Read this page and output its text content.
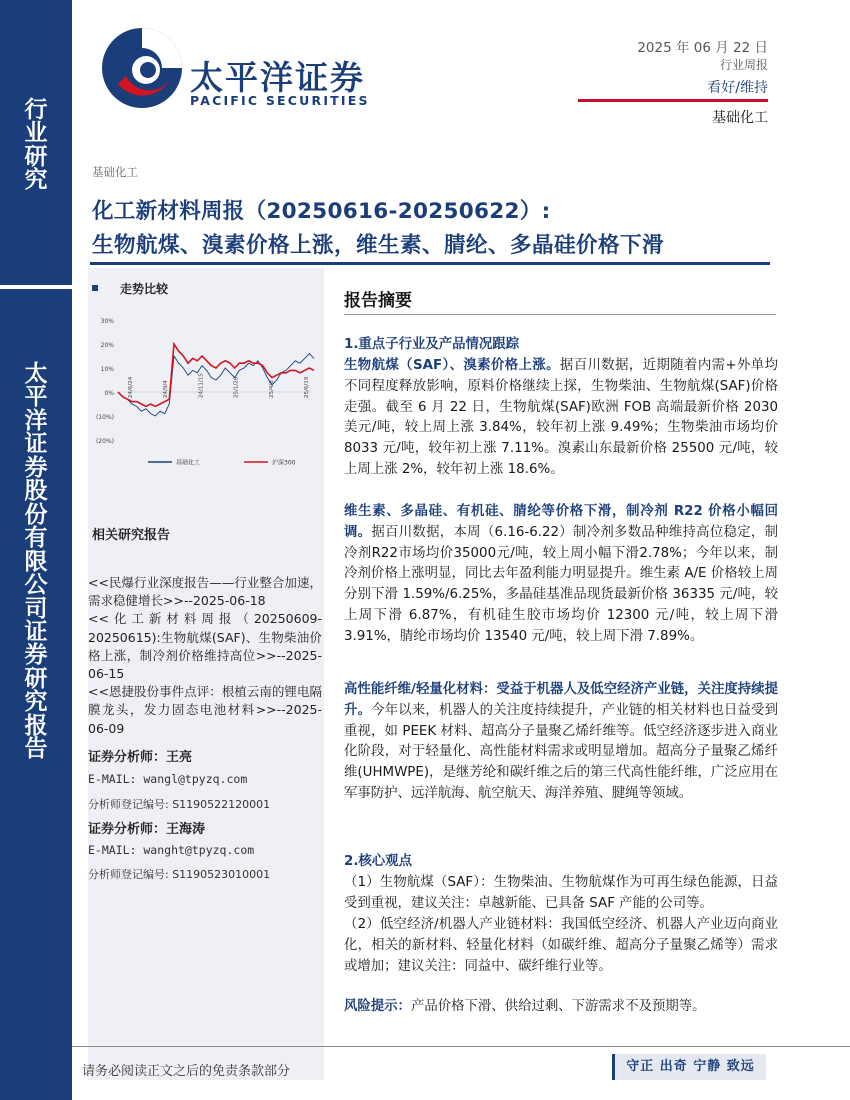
行
业
研
究
太
平
洋
证
券
股
份
有
限
公
司
证
券
研
究
报
告
太平洋证券
PACIFIC SECURITIES
2025 年 06 月 22 日
行业周报
看好/维持
基础化工
基础化工
化工新材料周报（20250616-20250622）:
生物航煤、溴素价格上涨，维生素、腈纶、多晶硅价格下滑
走势比较
30%
20%
10%
0%
(10%)
(20%)
24/6/24	24/9/4	24/11/15	25/1/26	25/4/8	25/6/19
基础化工	沪深300
相关研究报告

<<民爆行业深度报告——行业整合加速，需求稳健增长>>--2025-06-18

<<化工新材料周报（20250609-20250615):生物航煤(SAF)、生物柴油价格上涨，制冷剂价格维持高位>>--2025-06-15

<<恩捷股份事件点评：根植云南的锂电隔膜龙头，发力固态电池材料>>--2025-06-09

证券分析师：王亮
E-MAIL: wangl@tpyzq.com
分析师登记编号: S1190522120001
证券分析师：王海涛
E-MAIL: wanght@tpyzq.com
分析师登记编号: S1190523010001
报告摘要
1.重点子行业及产品情况跟踪
生物航煤（SAF）、溴素价格上涨。据百川数据，近期随着内需+外单均不同程度释放影响，原料价格继续上探，生物柴油、生物航煤(SAF)价格走强。截至 6 月 22 日，生物航煤(SAF)欧洲 FOB 高端最新价格 2030 美元/吨，较上周上涨 3.84%，较年初上涨 9.49%；生物柴油市场均价 8033 元/吨，较年初上涨 7.11%。溴素山东最新价格 25500 元/吨，较上周上涨 2%，较年初上涨 18.6%。
维生素、多晶硅、有机硅、腈纶等价格下滑，制冷剂 R22 价格小幅回调。据百川数据，本周（6.16-6.22）制冷剂多数品种维持高位稳定，制冷剂R22市场均价35000元/吨，较上周小幅下滑2.78%；今年以来，制冷剂价格上涨明显，同比去年盈利能力明显提升。维生素 A/E 价格较上周分别下滑 1.59%/6.25%，多晶硅基准品现货最新价格 36335 元/吨，较上周下滑 6.87%，有机硅生胶市场均价 12300 元/吨，较上周下滑 3.91%，腈纶市场均价 13540 元/吨，较上周下滑 7.89%。
高性能纤维/轻量化材料：受益于机器人及低空经济产业链，关注度持续提升。今年以来，机器人的关注度持续提升，产业链的相关材料也日益受到重视，如 PEEK 材料、超高分子量聚乙烯纤维等。低空经济逐步进入商业化阶段，对于轻量化、高性能材料需求或明显增加。超高分子量聚乙烯纤维(UHMWPE)，是继芳纶和碳纤维之后的第三代高性能纤维，广泛应用在军事防护、远洋航海、航空航天、海洋养殖、腱绳等领域。
2.核心观点
（1）生物航煤（SAF）：生物柴油、生物航煤作为可再生绿色能源，日益受到重视，建议关注：卓越新能、已具备 SAF 产能的公司等。
（2）低空经济/机器人产业链材料：我国低空经济、机器人产业迈向商业化，相关的新材料、轻量化材料（如碳纤维、超高分子量聚乙烯等）需求或增加；建议关注：同益中、碳纤维行业等。
风险提示：产品价格下滑、供给过剩、下游需求不及预期等。
请务必阅读正文之后的免责条款部分	守正 出奇 宁静 致远
